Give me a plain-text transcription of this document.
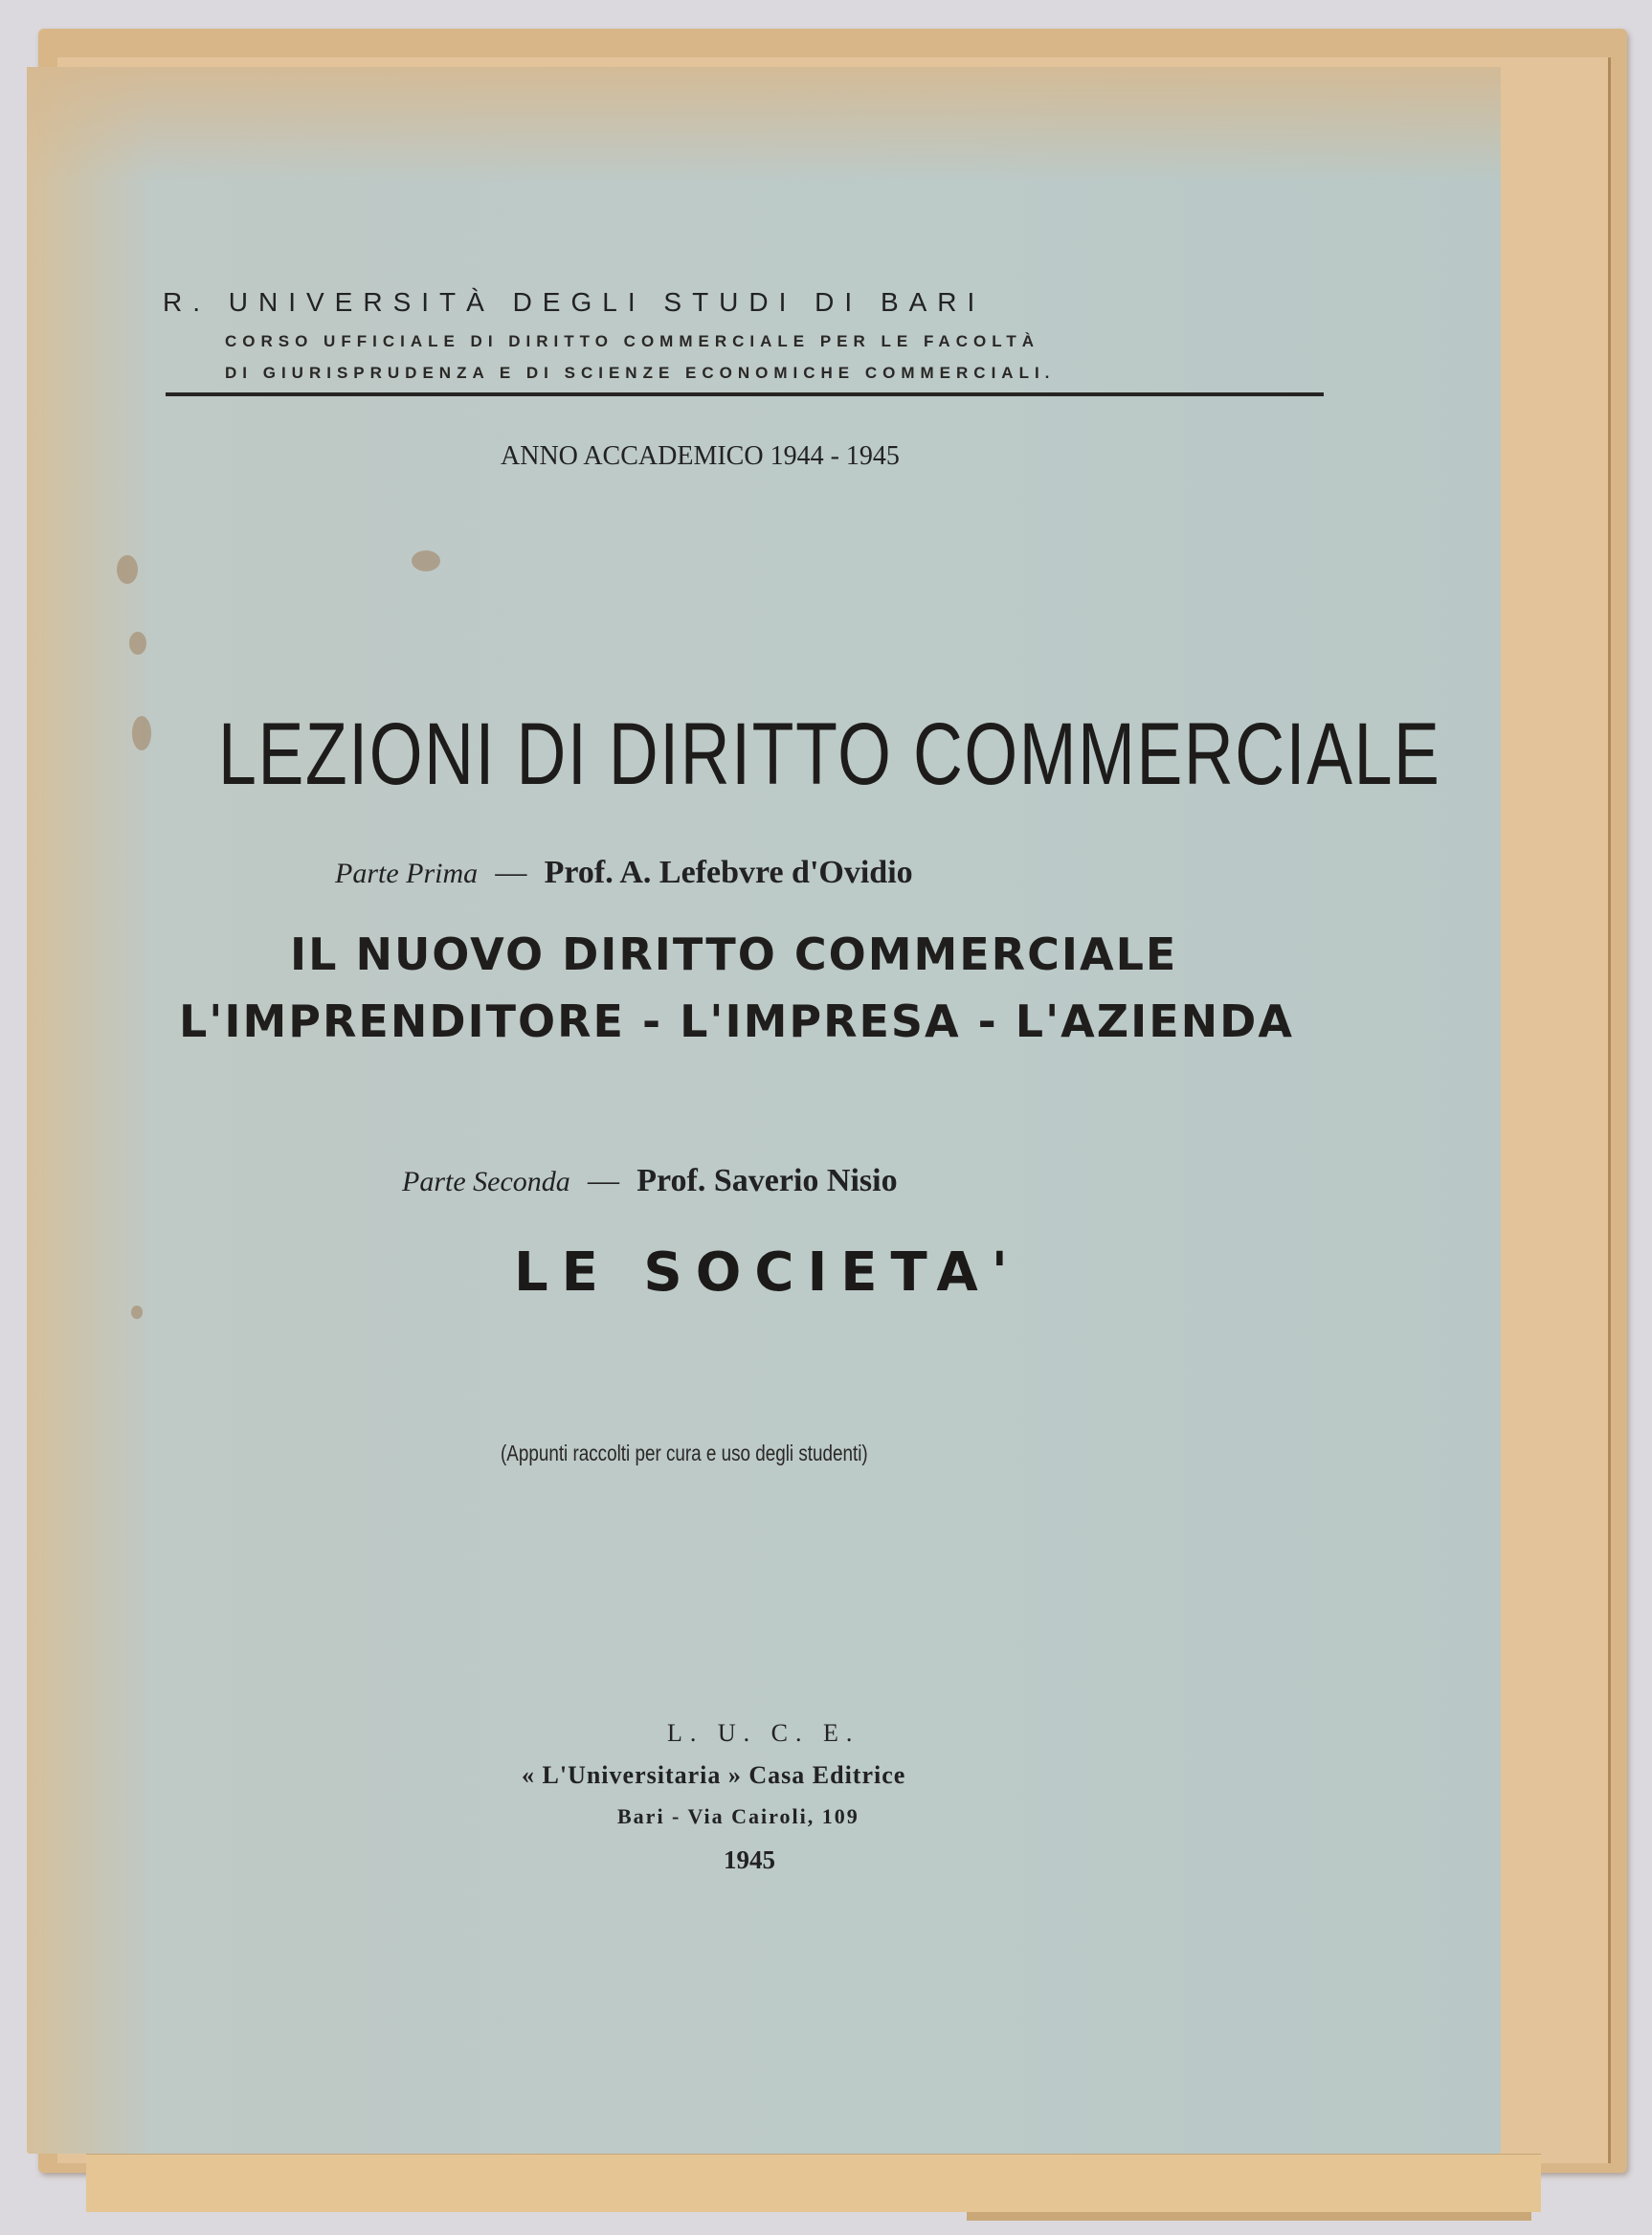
R. UNIVERSITÀ DEGLI STUDI DI BARI
CORSO UFFICIALE DI DIRITTO COMMERCIALE PER LE FACOLTÀ
DI GIURISPRUDENZA E DI SCIENZE ECONOMICHE COMMERCIALI.
ANNO ACCADEMICO 1944 - 1945
LEZIONI DI DIRITTO COMMERCIALE
Parte Prima — Prof. A. Lefebvre d'Ovidio
IL NUOVO DIRITTO COMMERCIALE
L'IMPRENDITORE - L'IMPRESA - L'AZIENDA
Parte Seconda — Prof. Saverio Nisio
LE SOCIETA'
(Appunti raccolti per cura e uso degli studenti)
L. U. C. E.
« L'Universitaria » Casa Editrice
Bari - Via Cairoli, 109
1945
